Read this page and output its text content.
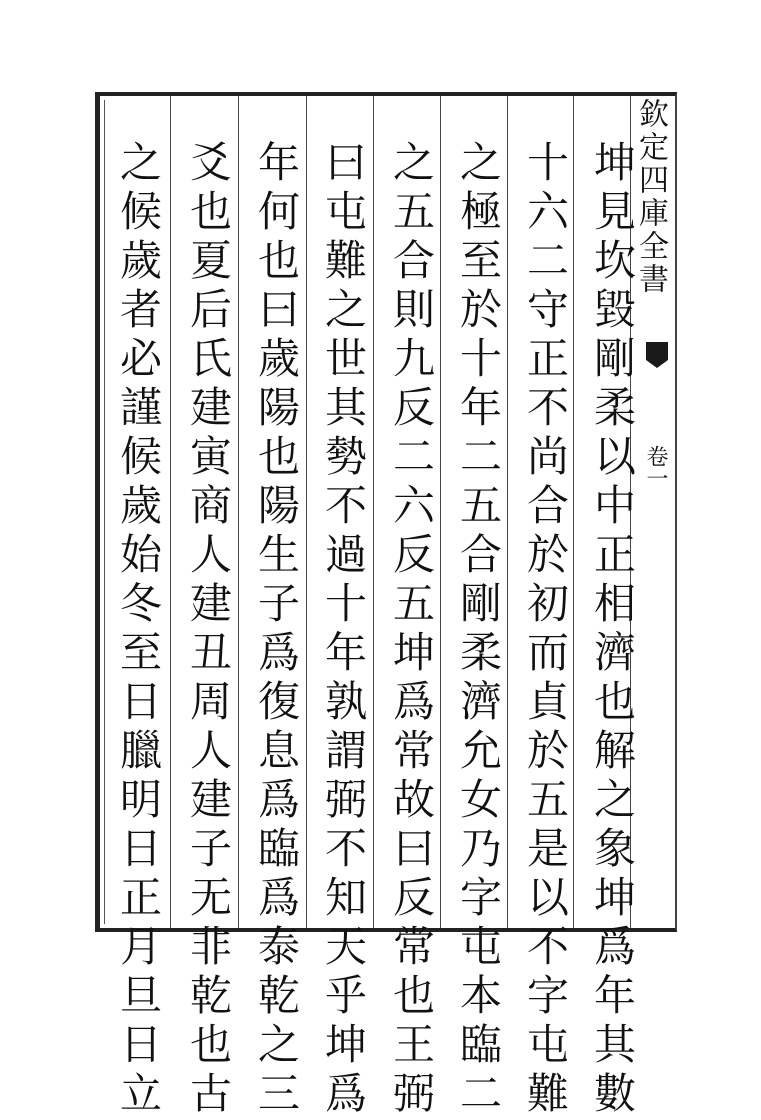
欽定四庫全書
卷一
坤見坎毀剛柔以中正相濟也解之象坤爲年其數
十六二守正不尚合於初而貞於五是以不字屯難
之極至於十年二五合剛柔濟允女乃字屯本臨二
之五合則九反二六反五坤爲常故曰反常也王弼
曰屯難之世其勢不過十年孰謂弼不知天乎坤爲
年何也曰歲陽也陽生子爲復息爲臨爲泰乾之三
爻也夏后氏建寅商人建丑周人建子无非乾也古
之候歲者必謹候歲始冬至日臘明日正月旦日立
